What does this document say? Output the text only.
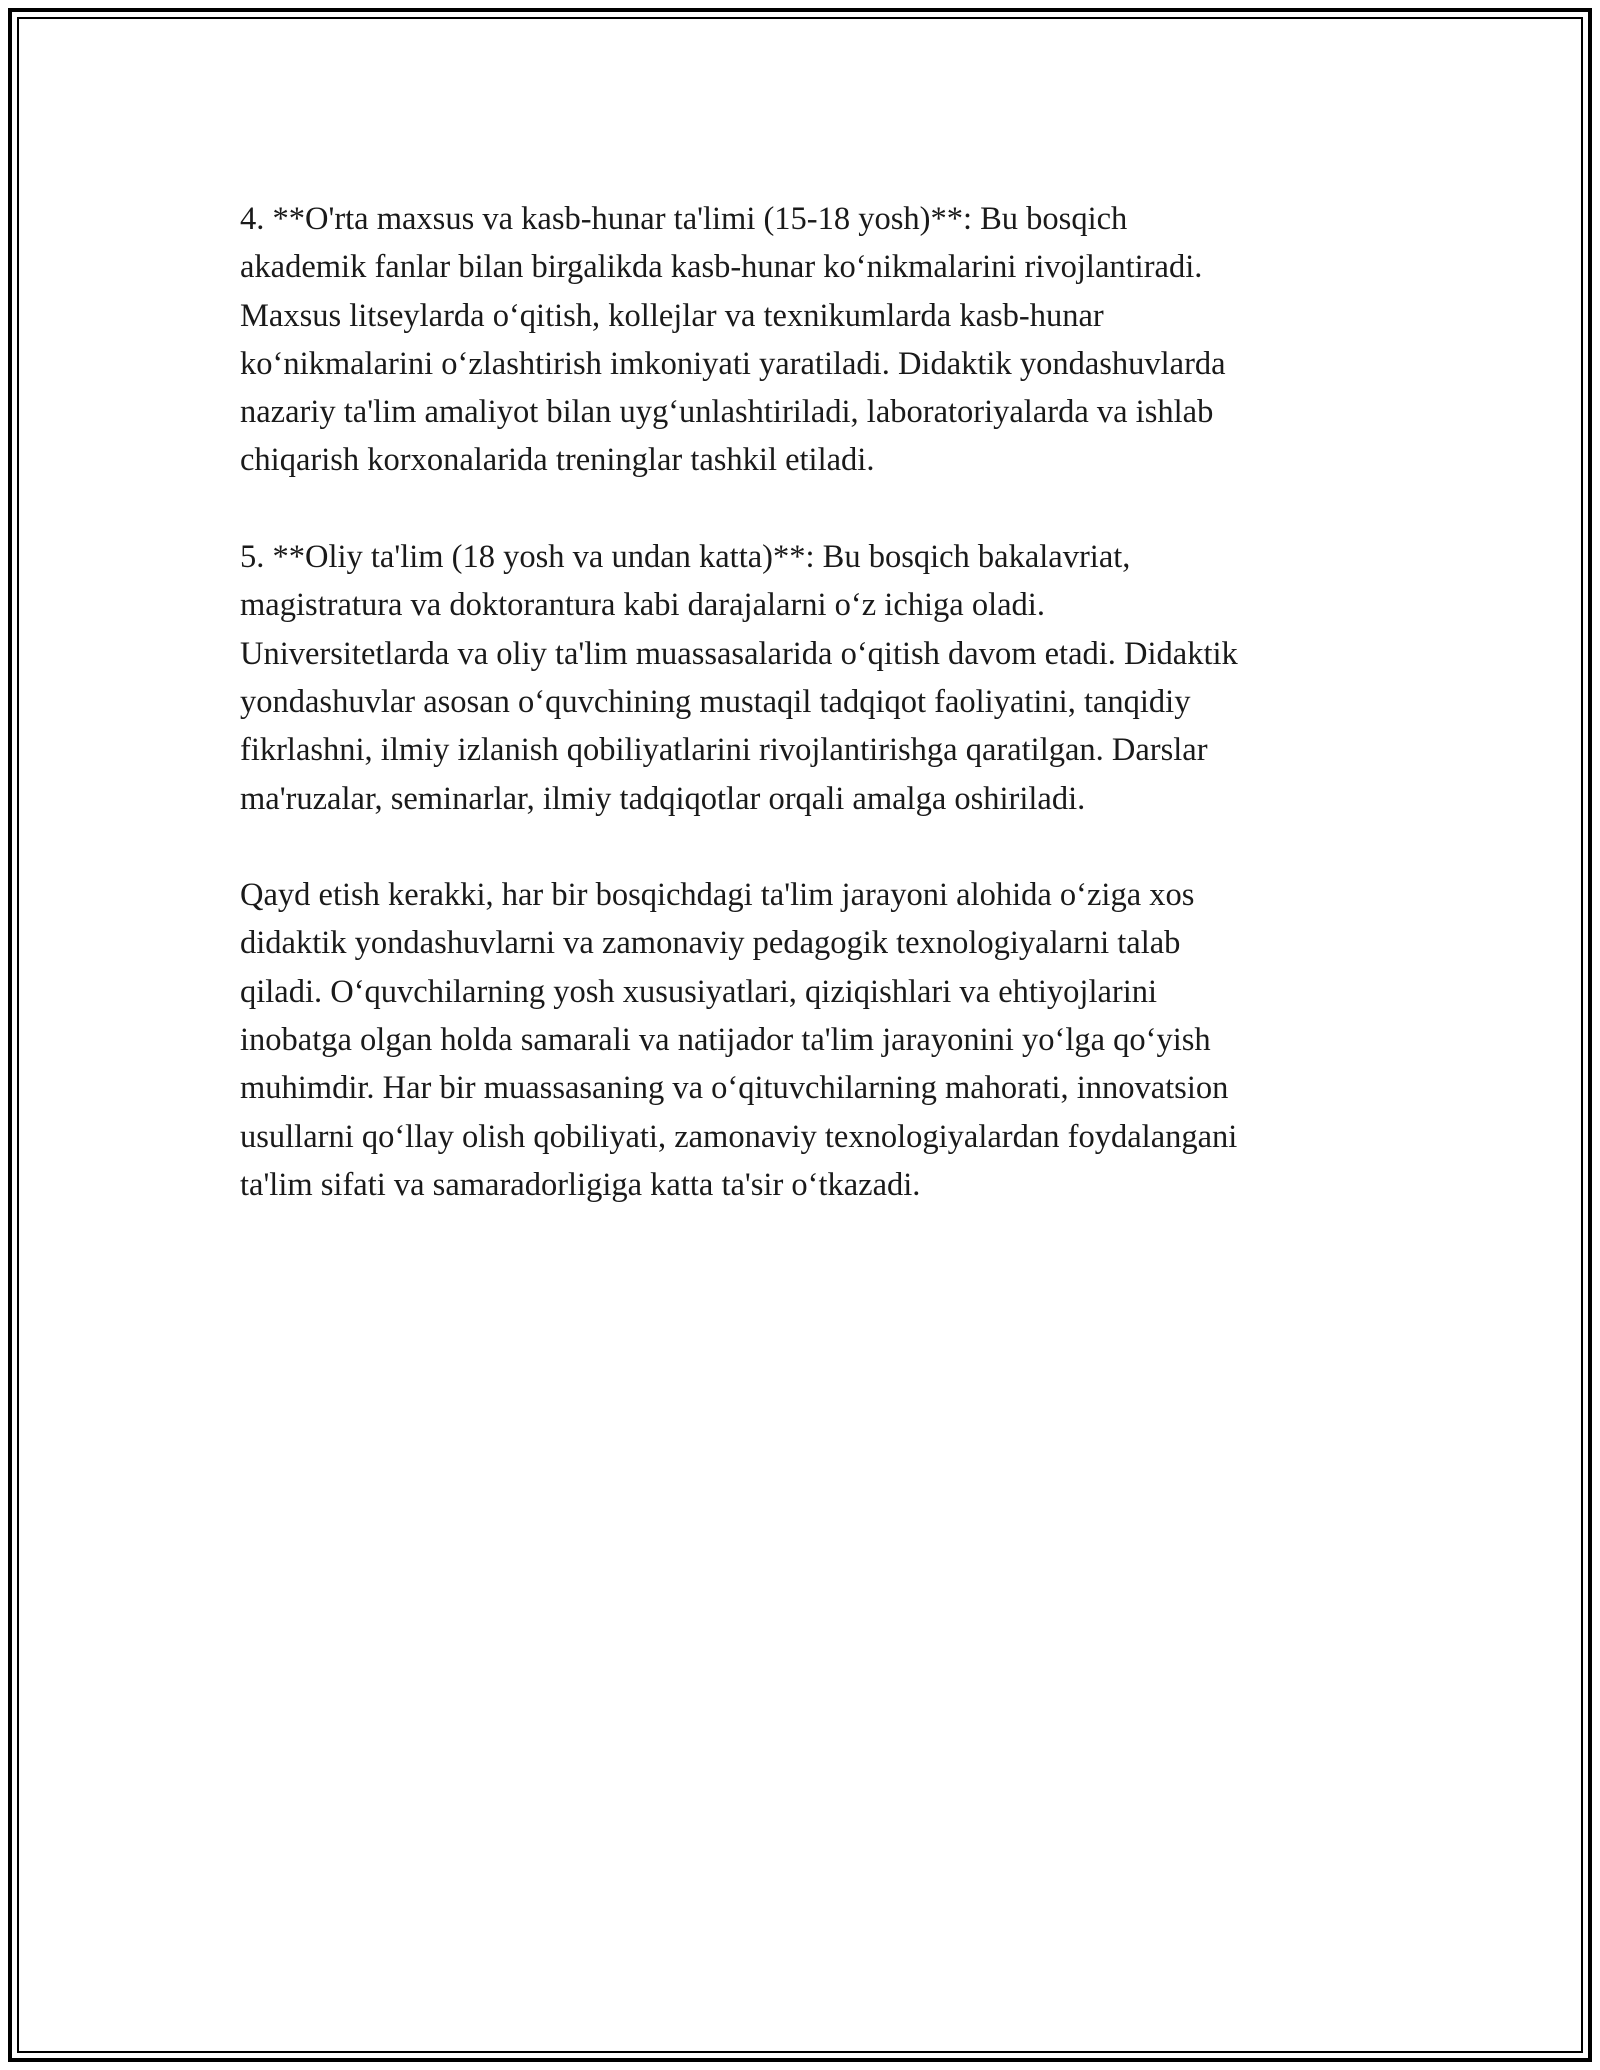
4. **O'rta maxsus va kasb-hunar ta'limi (15-18 yosh)**: Bu bosqich
akademik fanlar bilan birgalikda kasb-hunar ko‘nikmalarini rivojlantiradi.
Maxsus litseylarda o‘qitish, kollejlar va texnikumlarda kasb-hunar
ko‘nikmalarini o‘zlashtirish imkoniyati yaratiladi. Didaktik yondashuvlarda
nazariy ta'lim amaliyot bilan uyg‘unlashtiriladi, laboratoriyalarda va ishlab
chiqarish korxonalarida treninglar tashkil etiladi.

5. **Oliy ta'lim (18 yosh va undan katta)**: Bu bosqich bakalavriat,
magistratura va doktorantura kabi darajalarni o‘z ichiga oladi.
Universitetlarda va oliy ta'lim muassasalarida o‘qitish davom etadi. Didaktik
yondashuvlar asosan o‘quvchining mustaqil tadqiqot faoliyatini, tanqidiy
fikrlashni, ilmiy izlanish qobiliyatlarini rivojlantirishga qaratilgan. Darslar
ma'ruzalar, seminarlar, ilmiy tadqiqotlar orqali amalga oshiriladi.

Qayd etish kerakki, har bir bosqichdagi ta'lim jarayoni alohida o‘ziga xos
didaktik yondashuvlarni va zamonaviy pedagogik texnologiyalarni talab
qiladi. O‘quvchilarning yosh xususiyatlari, qiziqishlari va ehtiyojlarini
inobatga olgan holda samarali va natijador ta'lim jarayonini yo‘lga qo‘yish
muhimdir. Har bir muassasaning va o‘qituvchilarning mahorati, innovatsion
usullarni qo‘llay olish qobiliyati, zamonaviy texnologiyalardan foydalangani
ta'lim sifati va samaradorligiga katta ta'sir o‘tkazadi.
